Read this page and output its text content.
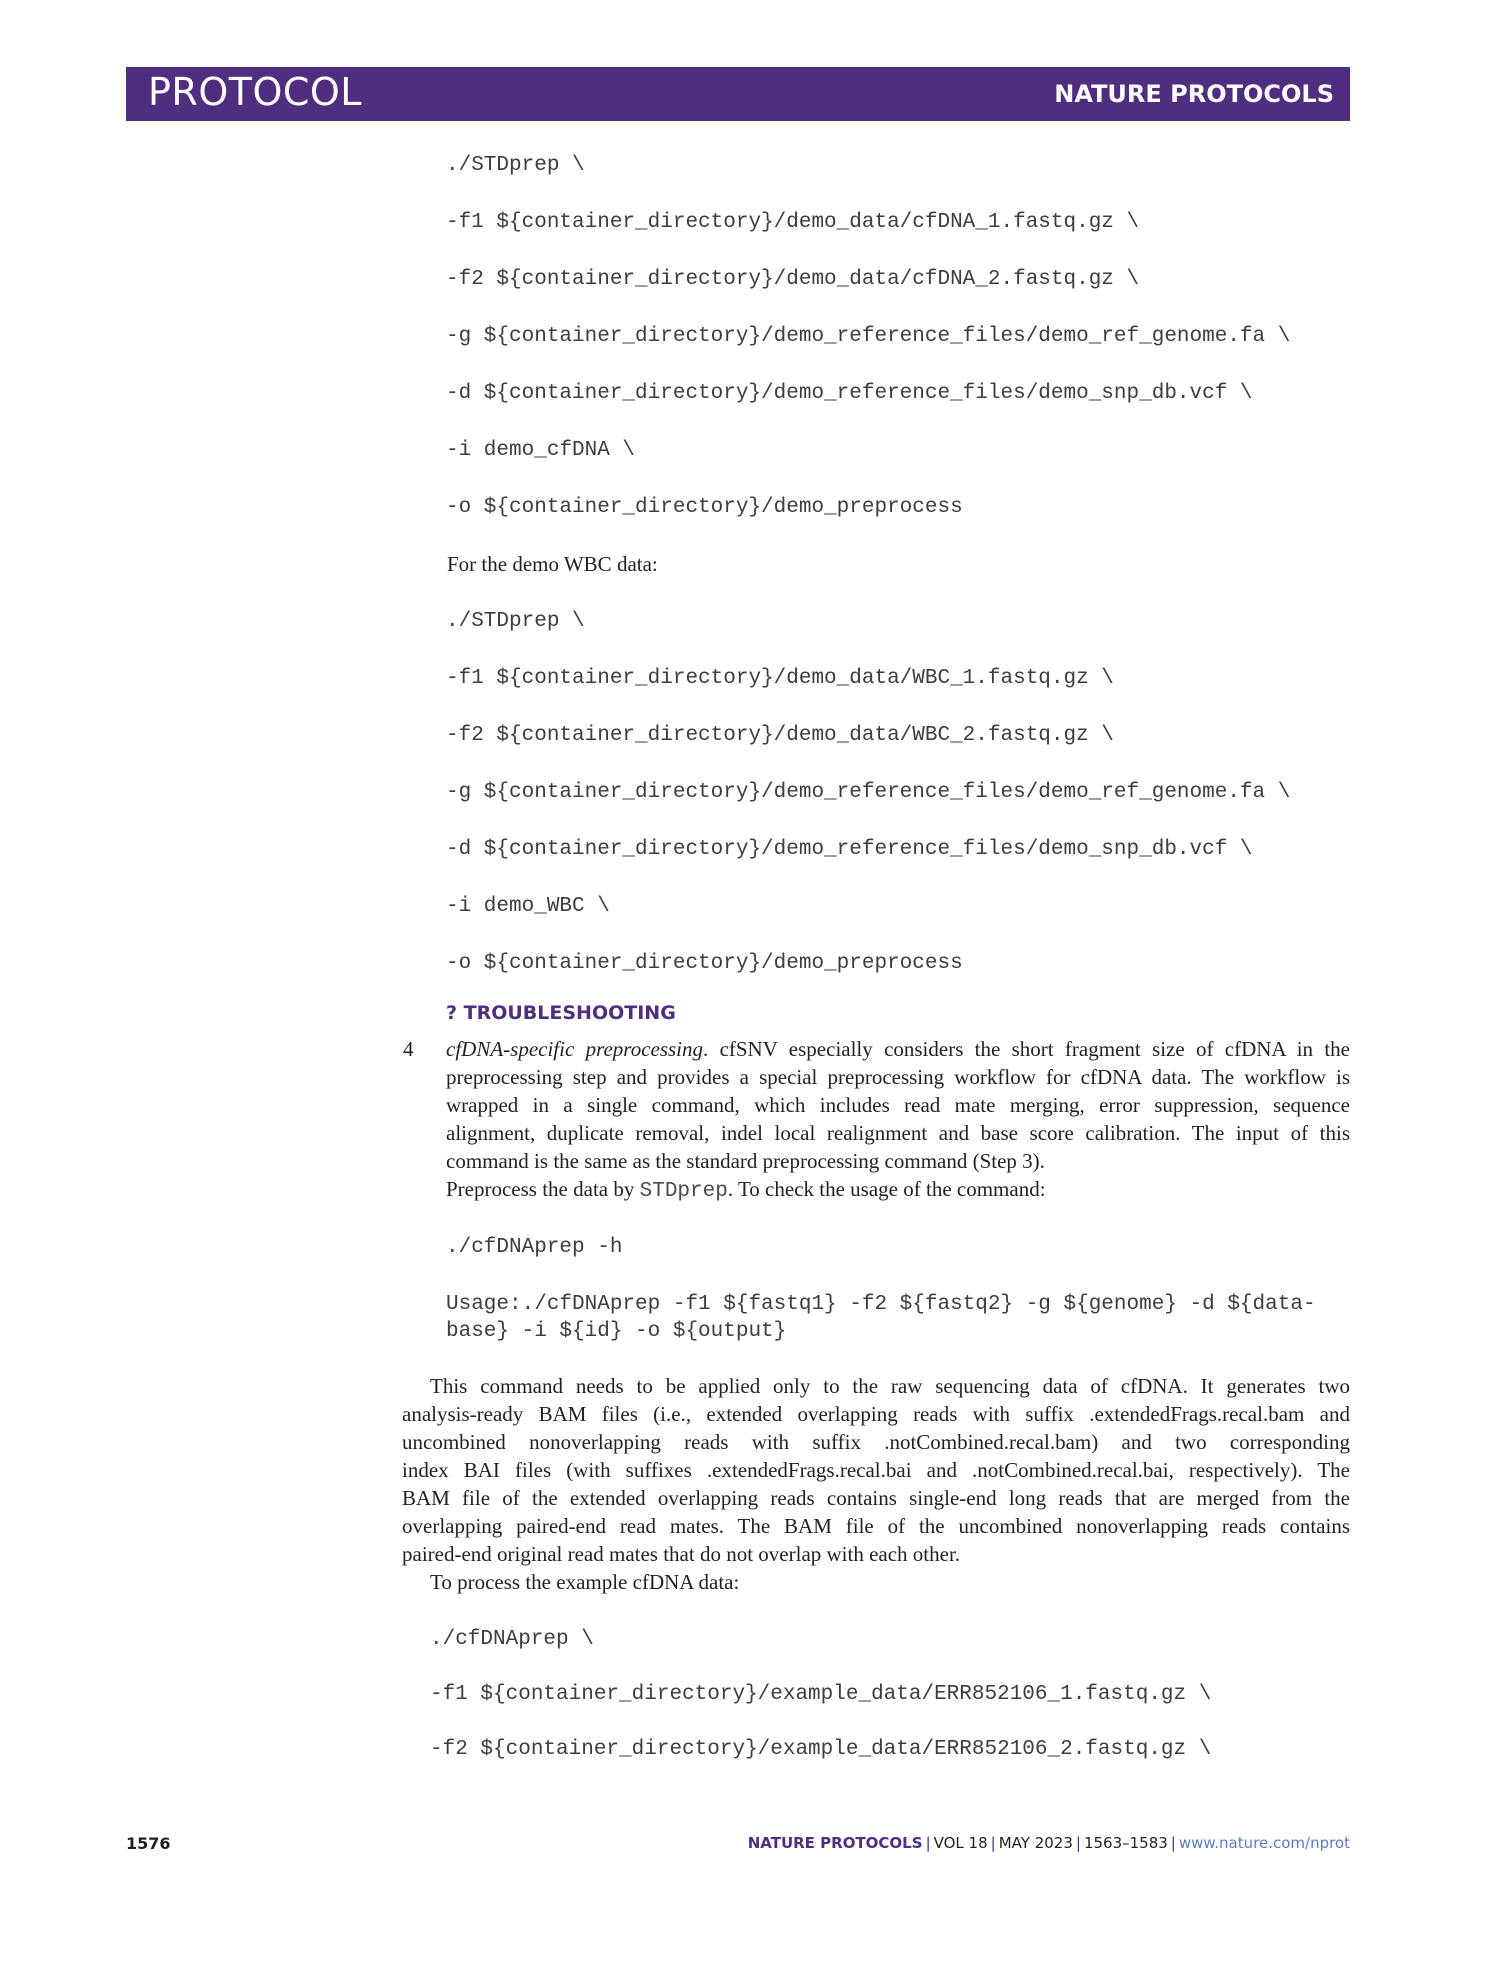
PROTOCOL	NATURE PROTOCOLS
./STDprep \
-f1 ${container_directory}/demo_data/cfDNA_1.fastq.gz \
-f2 ${container_directory}/demo_data/cfDNA_2.fastq.gz \
-g ${container_directory}/demo_reference_files/demo_ref_genome.fa \
-d ${container_directory}/demo_reference_files/demo_snp_db.vcf \
-i demo_cfDNA \
-o ${container_directory}/demo_preprocess
For the demo WBC data:
./STDprep \
-f1 ${container_directory}/demo_data/WBC_1.fastq.gz \
-f2 ${container_directory}/demo_data/WBC_2.fastq.gz \
-g ${container_directory}/demo_reference_files/demo_ref_genome.fa \
-d ${container_directory}/demo_reference_files/demo_snp_db.vcf \
-i demo_WBC \
-o ${container_directory}/demo_preprocess
? TROUBLESHOOTING
4 cfDNA-specific preprocessing. cfSNV especially considers the short fragment size of cfDNA in the
preprocessing step and provides a special preprocessing workflow for cfDNA data. The workflow is
wrapped in a single command, which includes read mate merging, error suppression, sequence
alignment, duplicate removal, indel local realignment and base score calibration. The input of this
command is the same as the standard preprocessing command (Step 3).
Preprocess the data by STDprep. To check the usage of the command:
./cfDNAprep -h
Usage:./cfDNAprep -f1 ${fastq1} -f2 ${fastq2} -g ${genome} -d ${data-
base} -i ${id} -o ${output}
This command needs to be applied only to the raw sequencing data of cfDNA. It generates two
analysis-ready BAM files (i.e., extended overlapping reads with suffix .extendedFrags.recal.bam and
uncombined nonoverlapping reads with suffix .notCombined.recal.bam) and two corresponding
index BAI files (with suffixes .extendedFrags.recal.bai and .notCombined.recal.bai, respectively). The
BAM file of the extended overlapping reads contains single-end long reads that are merged from the
overlapping paired-end read mates. The BAM file of the uncombined nonoverlapping reads contains
paired-end original read mates that do not overlap with each other.
To process the example cfDNA data:
./cfDNAprep \
-f1 ${container_directory}/example_data/ERR852106_1.fastq.gz \
-f2 ${container_directory}/example_data/ERR852106_2.fastq.gz \
1576	NATURE PROTOCOLS | VOL 18 | MAY 2023 | 1563–1583 | www.nature.com/nprot
